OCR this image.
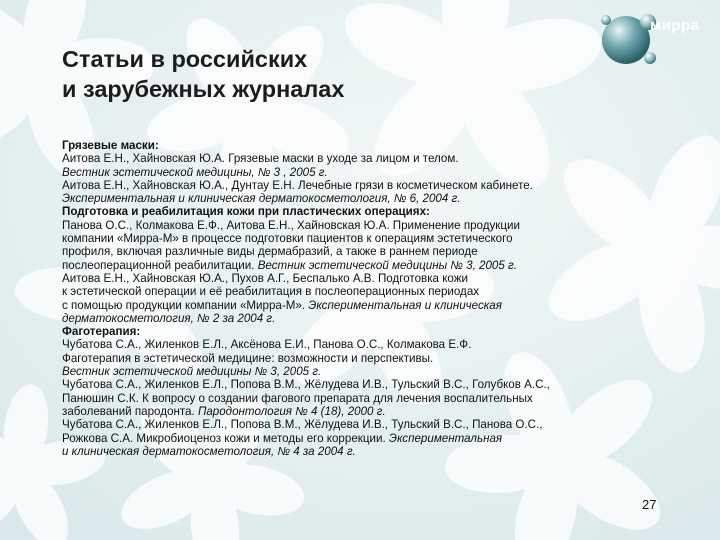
мирра
Статьи в российских
и зарубежных журналах

Грязевые маски:

Аитова Е.Н., Хайновская Ю.А. Грязевые маски в уходе за лицом и телом.

Вестник эстетической медицины, № 3 , 2005 г.

Аитова Е.Н., Хайновская Ю.А., Дунтау Е.Н. Лечебные грязи в косметическом кабинете.

Экспериментальная и клиническая дерматокосметология, № 6, 2004 г.

Подготовка и реабилитация кожи при пластических операциях:

Панова О.С., Колмакова Е.Ф., Аитова Е.Н., Хайновская Ю.А. Применение продукции

компании «Мирра-М» в процессе подготовки пациентов к операциям эстетического

профиля, включая различные виды дермабразий, а также в раннем периоде

послеоперационной реабилитации. Вестник эстетической медицины № 3, 2005 г.

Аитова Е.Н., Хайновская Ю.А., Пухов А.Г., Беспалько А.В. Подготовка кожи

к эстетической операции и её реабилитация в послеоперационных периодах

с помощью продукции компании «Мирра-М». Экспериментальная и клиническая

дерматокосметология, № 2 за 2004 г.

Фаготерапия:

Чубатова С.А., Жиленков Е.Л., Аксёнова Е.И., Панова О.С., Колмакова Е.Ф.

Фаготерапия в эстетической медицине: возможности и перспективы.

Вестник эстетической медицины № 3, 2005 г.

Чубатова С.А., Жиленков Е.Л., Попова В.М., Жёлудева И.В., Тульский В.С., Голубков А.С.,

Панюшин С.К. К вопросу о создании фагового препарата для лечения воспалительных

заболеваний пародонта. Пародонтология № 4 (18), 2000 г.

Чубатова С.А., Жиленков Е.Л., Попова В.М., Жёлудева И.В., Тульский В.С., Панова О.С.,

Рожкова С.А. Микробиоценоз кожи и методы его коррекции. Экспериментальная

и клиническая дерматокосметология, № 4 за 2004 г.

27
